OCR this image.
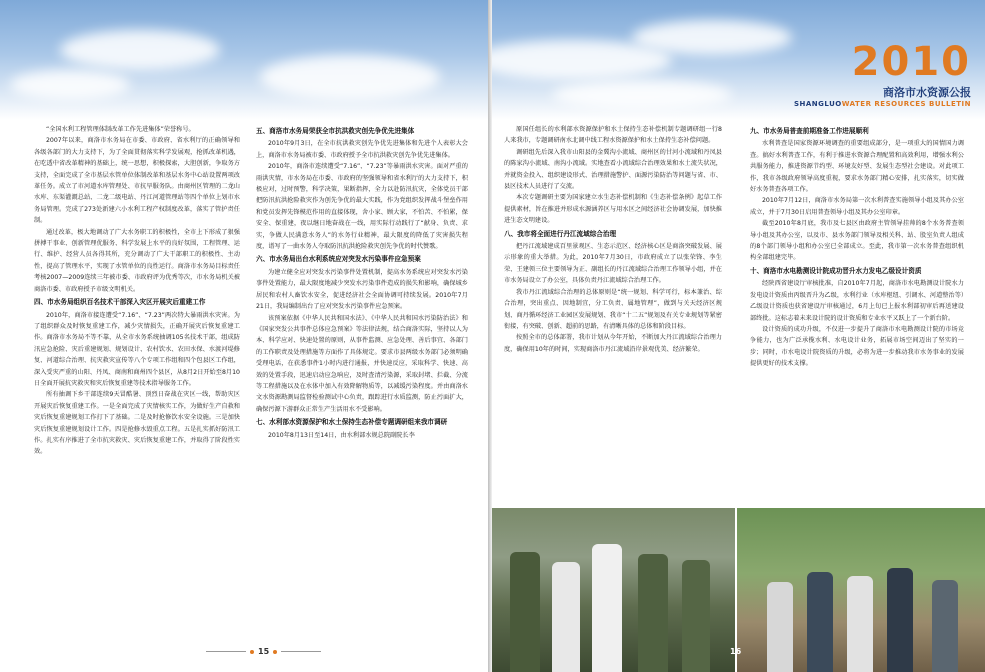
“全国水利工程管理体制改革工作先进集体”荣誉称号。

2007年以来，商洛市水务局在市委、市政府、省水利厅的正确领导和各级各部门的大力支持下，为了全面贯彻落实科学发展观，抢抓改革机遇，在吃透中省改革精神的基础上，统一思想，积极探索，大胆创新，争取务方支持，全面完成了全市基层水管单位体制改革和基层水务中心站设置两项改革任务。成立了市河道水库管理处、市抗旱服务队。由商州区管理的二龙山水库、东渠灌溉总站、二龙二级电站、丹江河道管理站等四个单位上划市水务局管理。完成了273处新建六小水利工程产权制度改革，落实了管护责任制。

通过改革，极大地调动了广大水务职工的积极性，全市上下形成了狠强拼搏干事业、创新管理优服务、科学发展上水平的良好氛围，工程管理、运行、维护、经营人员各得其所，充分调动了广大干部职工的积极性、主动性，提高了管理水平，实现了水管单位的良性运行。商洛市水务局目标责任考核2007—2009连续三年被市委、市政府评为优秀等次，市水务局机关被商洛市委、市政府授予市级文明机关。

四、市水务局组织百名技术干部深入灾区开展灾后重建工作

2010年，商洛市接连遭受“7.16”、“7.23”两次特大暴雨洪水灾害。为了组织群众及时恢复重建工作，减少灾情损失，正确开展灾后恢复重建工作。商洛市水务局不等不靠，从全市水务系统抽调105名技术干部，组成防汛应急抢险、灾后重建规划、规划设计、农村饮水、农田水保、水渡河堤修复、河道综合治理、抗灾救灾宣传等八个专项工作组和四个包县区工作组，深入受灾严重的山阳、丹凤、商南和商州四个县区，从8月2日开始至8月10日全面开展抗灾救灾和灾后恢复重建等技术指导服务工作。

所有抽调下乡干部连续9天冒酷暑、顶烈日奋战在灾区一线，帮助灾区开展灾后恢复重建工作。一是全面完成了灾情核实工作，为做好生产自救和灾后恢复重建规划工作打下了基础。二是及时抢修饮水安全设施。三是加快灾后恢复重建规划设计工作。四是抢修水毁重点工程。五是扎实抓好防汛工作。扎实有序推进了全市抗灾救灾、灾后恢复重建工作，并取得了阶段性实效。

五、商洛市水务局荣获全市抗洪救灾创先争优先进集体

2010年9月3日，在全市抗洪救灾创先争优先进集体和先进个人表彰大会上，商洛市水务局被市委、市政府授予全市抗洪救灾创先争优先进集体。

2010年，商洛市连续遭受“7.16”、“7.23”等暴雨洪水灾害。面对严重的雨洪灾情，市水务局在市委、市政府的坚强领导和省水利厅的大力支持下，积极应对，过时预警，科学决策，果断指挥，全力以赴防汛抗灾，全体党员干部把防汛抗洪抢险救灾作为创先争优的最大实践，作为党组织发挥战斗堡垒作用和党员发挥先锋模范作用的直接体现，舍小家、顾大家，不怕苦、不怕累，保安全、保重建，夜以继日地奋战在一线，用实际行动践行了“献身、负责、求实，争做人民满意水务人”的水务行业精神，最大限度的降低了灾害损失程度，谱写了一曲水务人夺取防汛抗洪抢险救灾创先争优的时代赞歌。

六、市水务局出台水利系统应对突发水污染事件应急预案

为建立健全应对突发水污染事件处置机制，提高水务系统应对突发水污染事件处置能力，最大限度地减少突发水污染事件造成的损失和影响，确保城乡居民和农村人畜饮水安全，促进经济社会全面协调可持续发展。2010年7月21日，我局编制出台了应对突发水污染事件应急预案。

该预案依据《中华人民共和国水法》、《中华人民共和国水污染防治法》和《国家突发公共事件总体应急预案》等法律法规，结合商洛实际，坚持以人为本、科学应对、快速处置的原则，从事件监测、应急处理、善后事宜、各部门的工作职责及处理措施等方面作了具体规定。要求市县两级水务部门必须明确受理电话，在获悉事件1小时内进行通报，并快速反应，采取科学、快速、高效的处置手段，迅速启动应急响应，及时查清污染源，采取封堵、拦截、分流等工程措施以及在水体中加入有效降解物质等，以减缓污染程度。并由商洛水文水资源勘测局监督检验测试中心负责，跟踪进行水质监测，防止污面扩大，确保污源下游群众正常生产生活用水不受影响。

七、水利部水资源保护和水土保持生态补偿专题调研组来我市调研

2010年8月13日至14日，由水利部水规总院副院长李

15
2010
商洛市水资源公报
SHANGLUOWATER RESOURCES BULLETIN

原国任组长的水利部水资源保护和水土保持生态补偿机制专题调研组一行8人来我市，专题调研南水北调中线工程水资源保护和水土保持生态补偿问题。

调研组先后深入我市山阳县的金冀沟小流域、商州区的甘河小流域和丹凤县的陈家沟小流域、南沟小流域。实地查看小流域综合治理效果和水土流失状况，并就资金投入、组织建设形式、治理措施警护、面源污染防治等问题与省、市、县区技术人员进行了交流。

本次专题调研主要为国家建立水生态补偿机制和《生态补偿条例》起草工作提供素材，旨在推进并形成水源涵养区与用水区之间经济社会协调发展，加快推进生态文明建设。

八、我市将全面进行丹江流域综合治理

把丹江流域建成百里景观区、生态示范区、经济核心区是商洛突破发展、展示形象的重大举措。为此，2010年7月30日，市政府成立了以张荣锋、李生荣、王建领三位主要领导为正、副组长的丹江流域综合治理工作领导小组，并在市水务局设立了办公室，具体负责丹江流域综合治理工作。

我市丹江流域综合治理的总体原则是“统一规划、科学可行，标本兼治、综合治理，突出重点、因地制宜，分工负责、属地管理”，做到与关天经济区规划、商丹循环经济工业园区发展规划、我市“十二五”规划及有关专业规划等紧密衔接，有突破、创新、超前的思路，有清晰具体的总体和阶段目标。

按照全市的总体部署，我市计划从今年开始，不断加大丹江流域综合治理力度，确保用10年的时间，实现商洛市丹江流域沿岸景观优美、经济繁荣。

九、市水务局普查前期准备工作进展顺利

水利普查是国家资源环境调查的重要组成部分，是一项重大的国情国力调查。搞好水利普查工作，有利于推进水资源合理配置和高效利用，增强水利公共服务能力，推进资源节约型、环境友好型、发展生态型社会建设。对此项工作，我市各级政府领导高度重视，要求水务部门精心安排，扎实落实，切实做好水务普查各项工作。

2010年7月12日，商洛市水务局第一次水利普查实施领导小组及其办公室成立，并于7月30日启用普查领导小组及其办公室印章。

截至2010年8月底，我市及七县区由政府主管领导挂帅的8个水务普查领导小组及其办公室，以及市、县水务部门领导及相关科、站、股室负责人组成的8个部门领导小组和办公室已全部成立。至此，我市第一次水务普查组织机构全部组建完毕。

十、商洛市水电勘测设计院成功晋升水力发电乙级设计资质

经陕西省建设厅审核批准，自2010年7月起，商洛市水电勘测设计院水力发电设计资质由丙级晋升为乙级，水利行业（水库枢纽、引调水、河道整治等）乙级设计资质也获省建设厅审核通过，6月上旬已上报水利部初审后再送建设部终批。这标志着未来设计院的设计资质和专业水平又跃上了一个新台阶。

设计资质的成功升级，不仅进一步提升了商洛市水电勘测设计院的市场竞争能力，也为广泛承揽水利、水电设计业务，拓展市场空间迈出了坚实的一步；同时，市水电设计院资质的升级，必将为进一步推动我市水务事业的发展提供更好的技术支撑。

16
